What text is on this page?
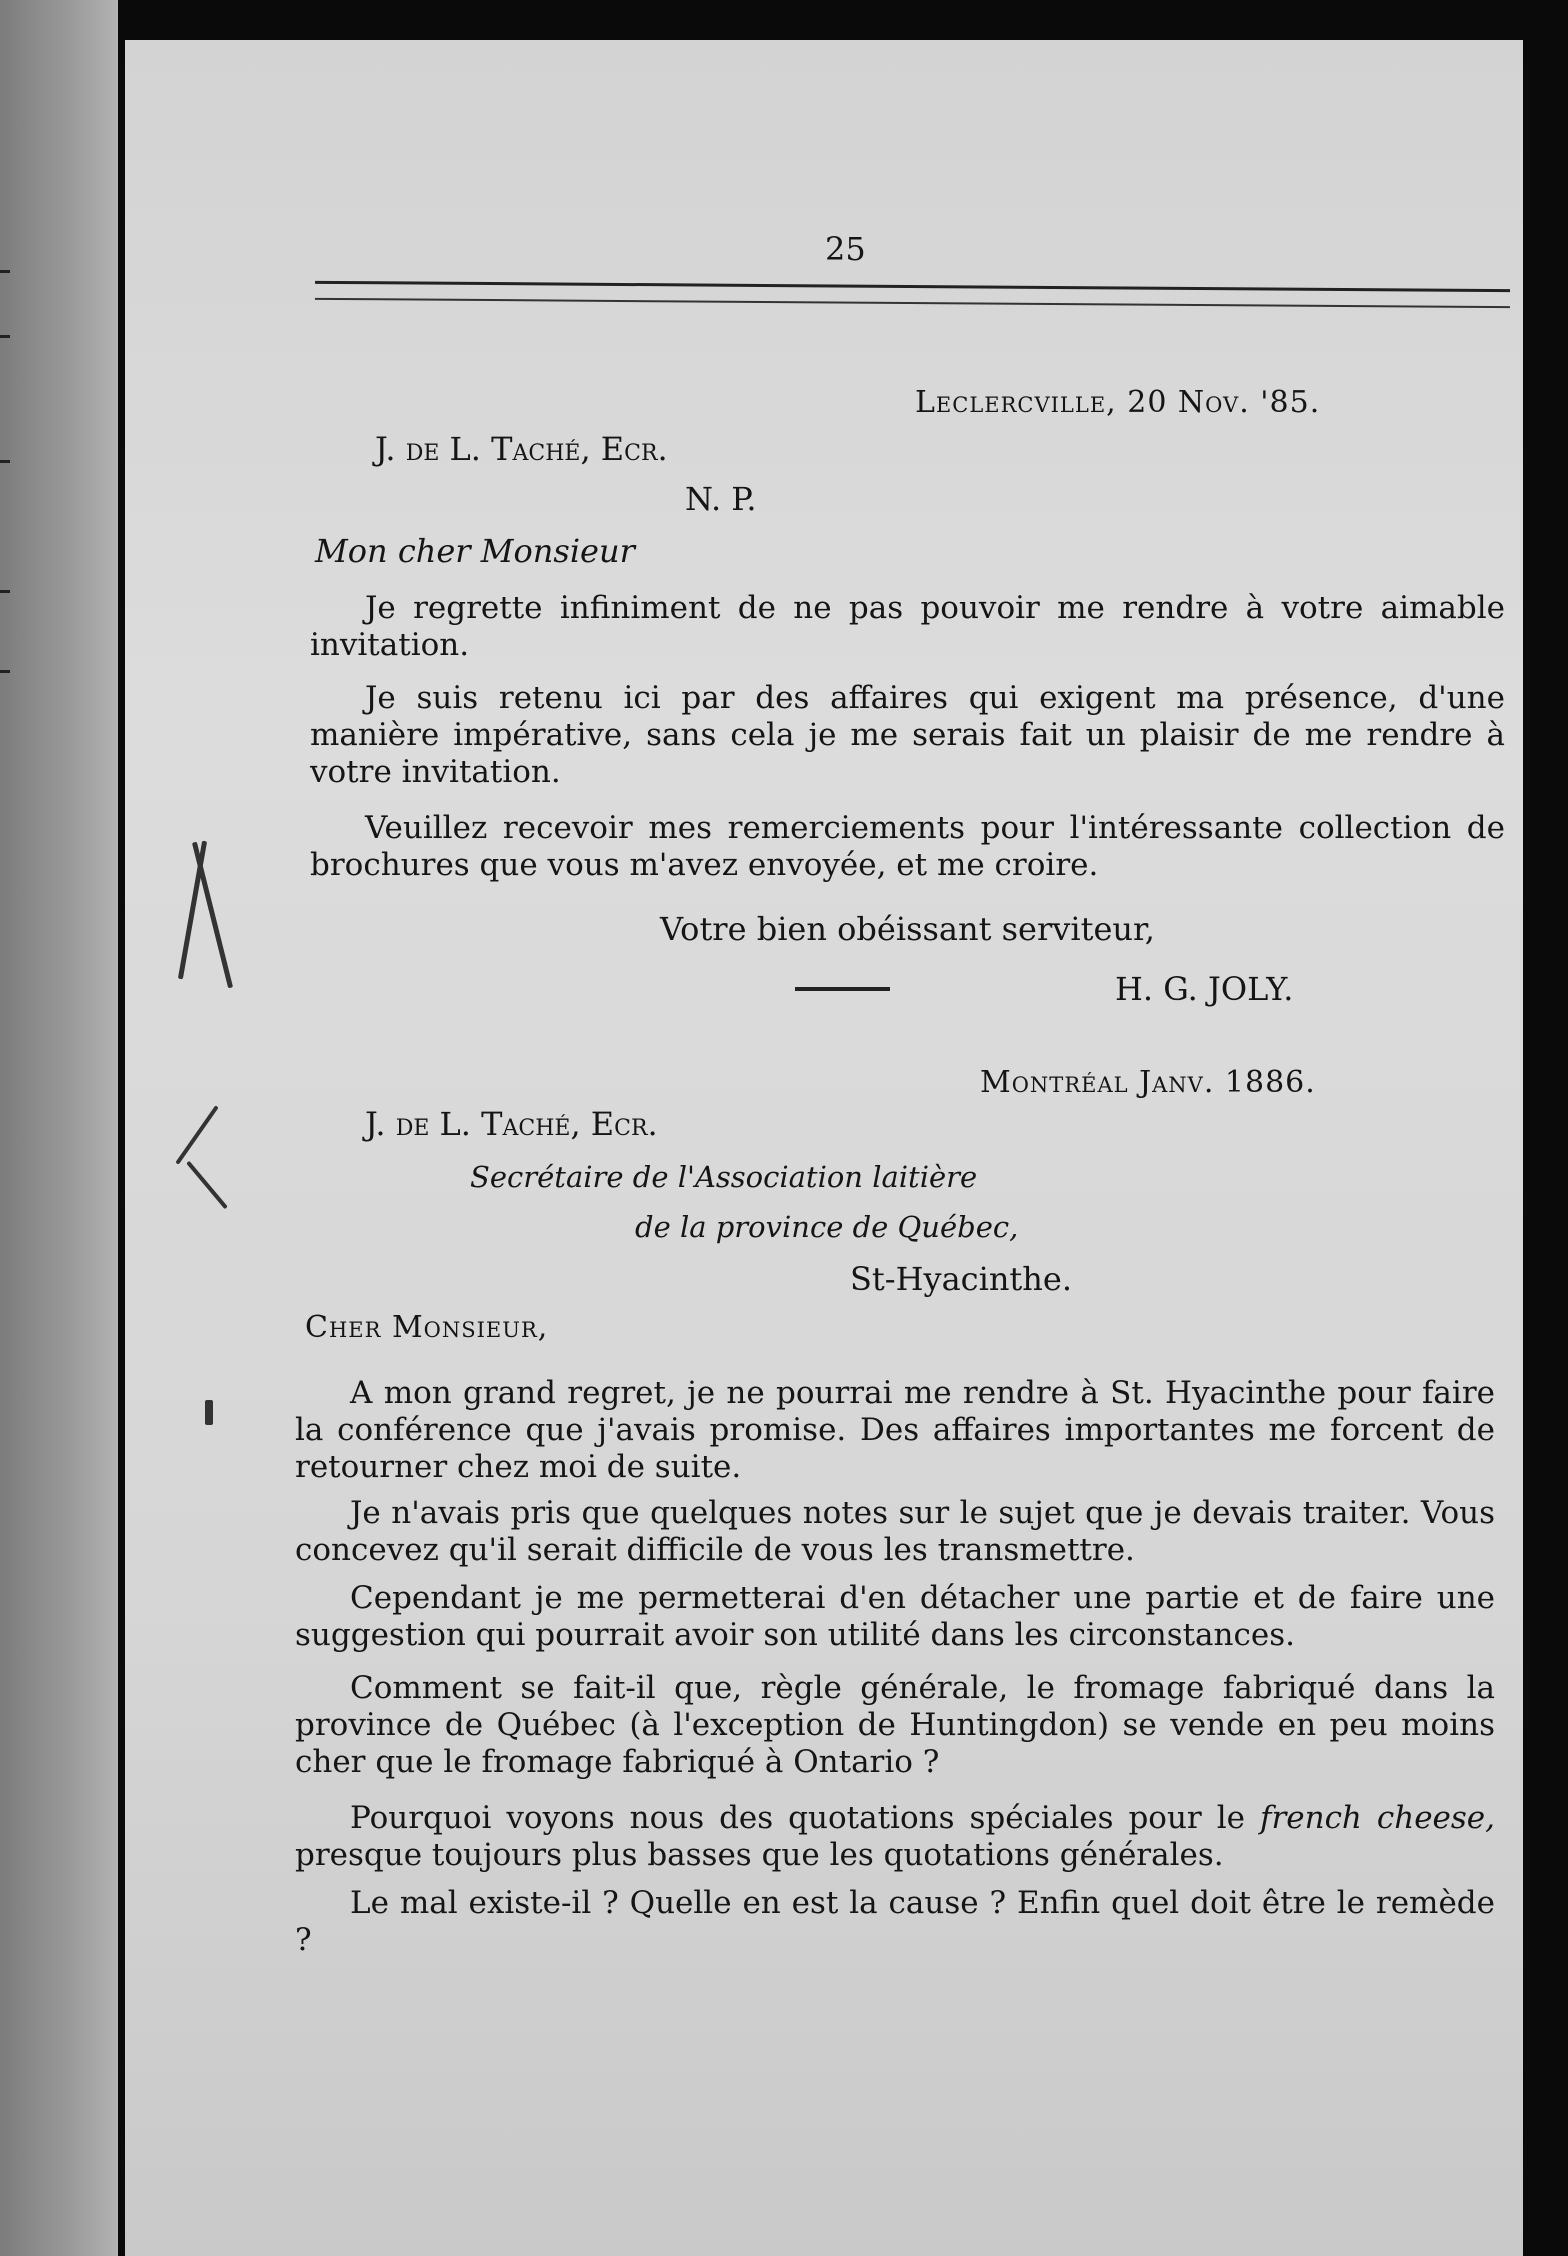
25
Leclercville, 20 Nov. '85.
J. de L. Taché, Ecr.
N. P.
Mon cher Monsieur
Je regrette infiniment de ne pas pouvoir me rendre à votre aimable invitation.
Je suis retenu ici par des affaires qui exigent ma présence, d'une manière impérative, sans cela je me serais fait un plaisir de me rendre à votre invitation.
Veuillez recevoir mes remerciements pour l'intéressante collection de brochures que vous m'avez envoyée, et me croire.
Votre bien obéissant serviteur,
H. G. JOLY.
Montréal Janv. 1886.
J. de L. Taché, Ecr.
Secrétaire de l'Association laitière
de la province de Québec,
St-Hyacinthe.
Cher Monsieur,
A mon grand regret, je ne pourrai me rendre à St. Hyacinthe pour faire la conférence que j'avais promise. Des affaires importantes me forcent de retourner chez moi de suite.
Je n'avais pris que quelques notes sur le sujet que je devais traiter. Vous concevez qu'il serait difficile de vous les transmettre.
Cependant je me permetterai d'en détacher une partie et de faire une suggestion qui pourrait avoir son utilité dans les circonstances.
Comment se fait-il que, règle générale, le fromage fabriqué dans la province de Québec (à l'exception de Huntingdon) se vende en peu moins cher que le fromage fabriqué à Ontario ?
Pourquoi voyons nous des quotations spéciales pour le french cheese, presque toujours plus basses que les quotations générales.
Le mal existe-il ? Quelle en est la cause ? Enfin quel doit être le remède ?
